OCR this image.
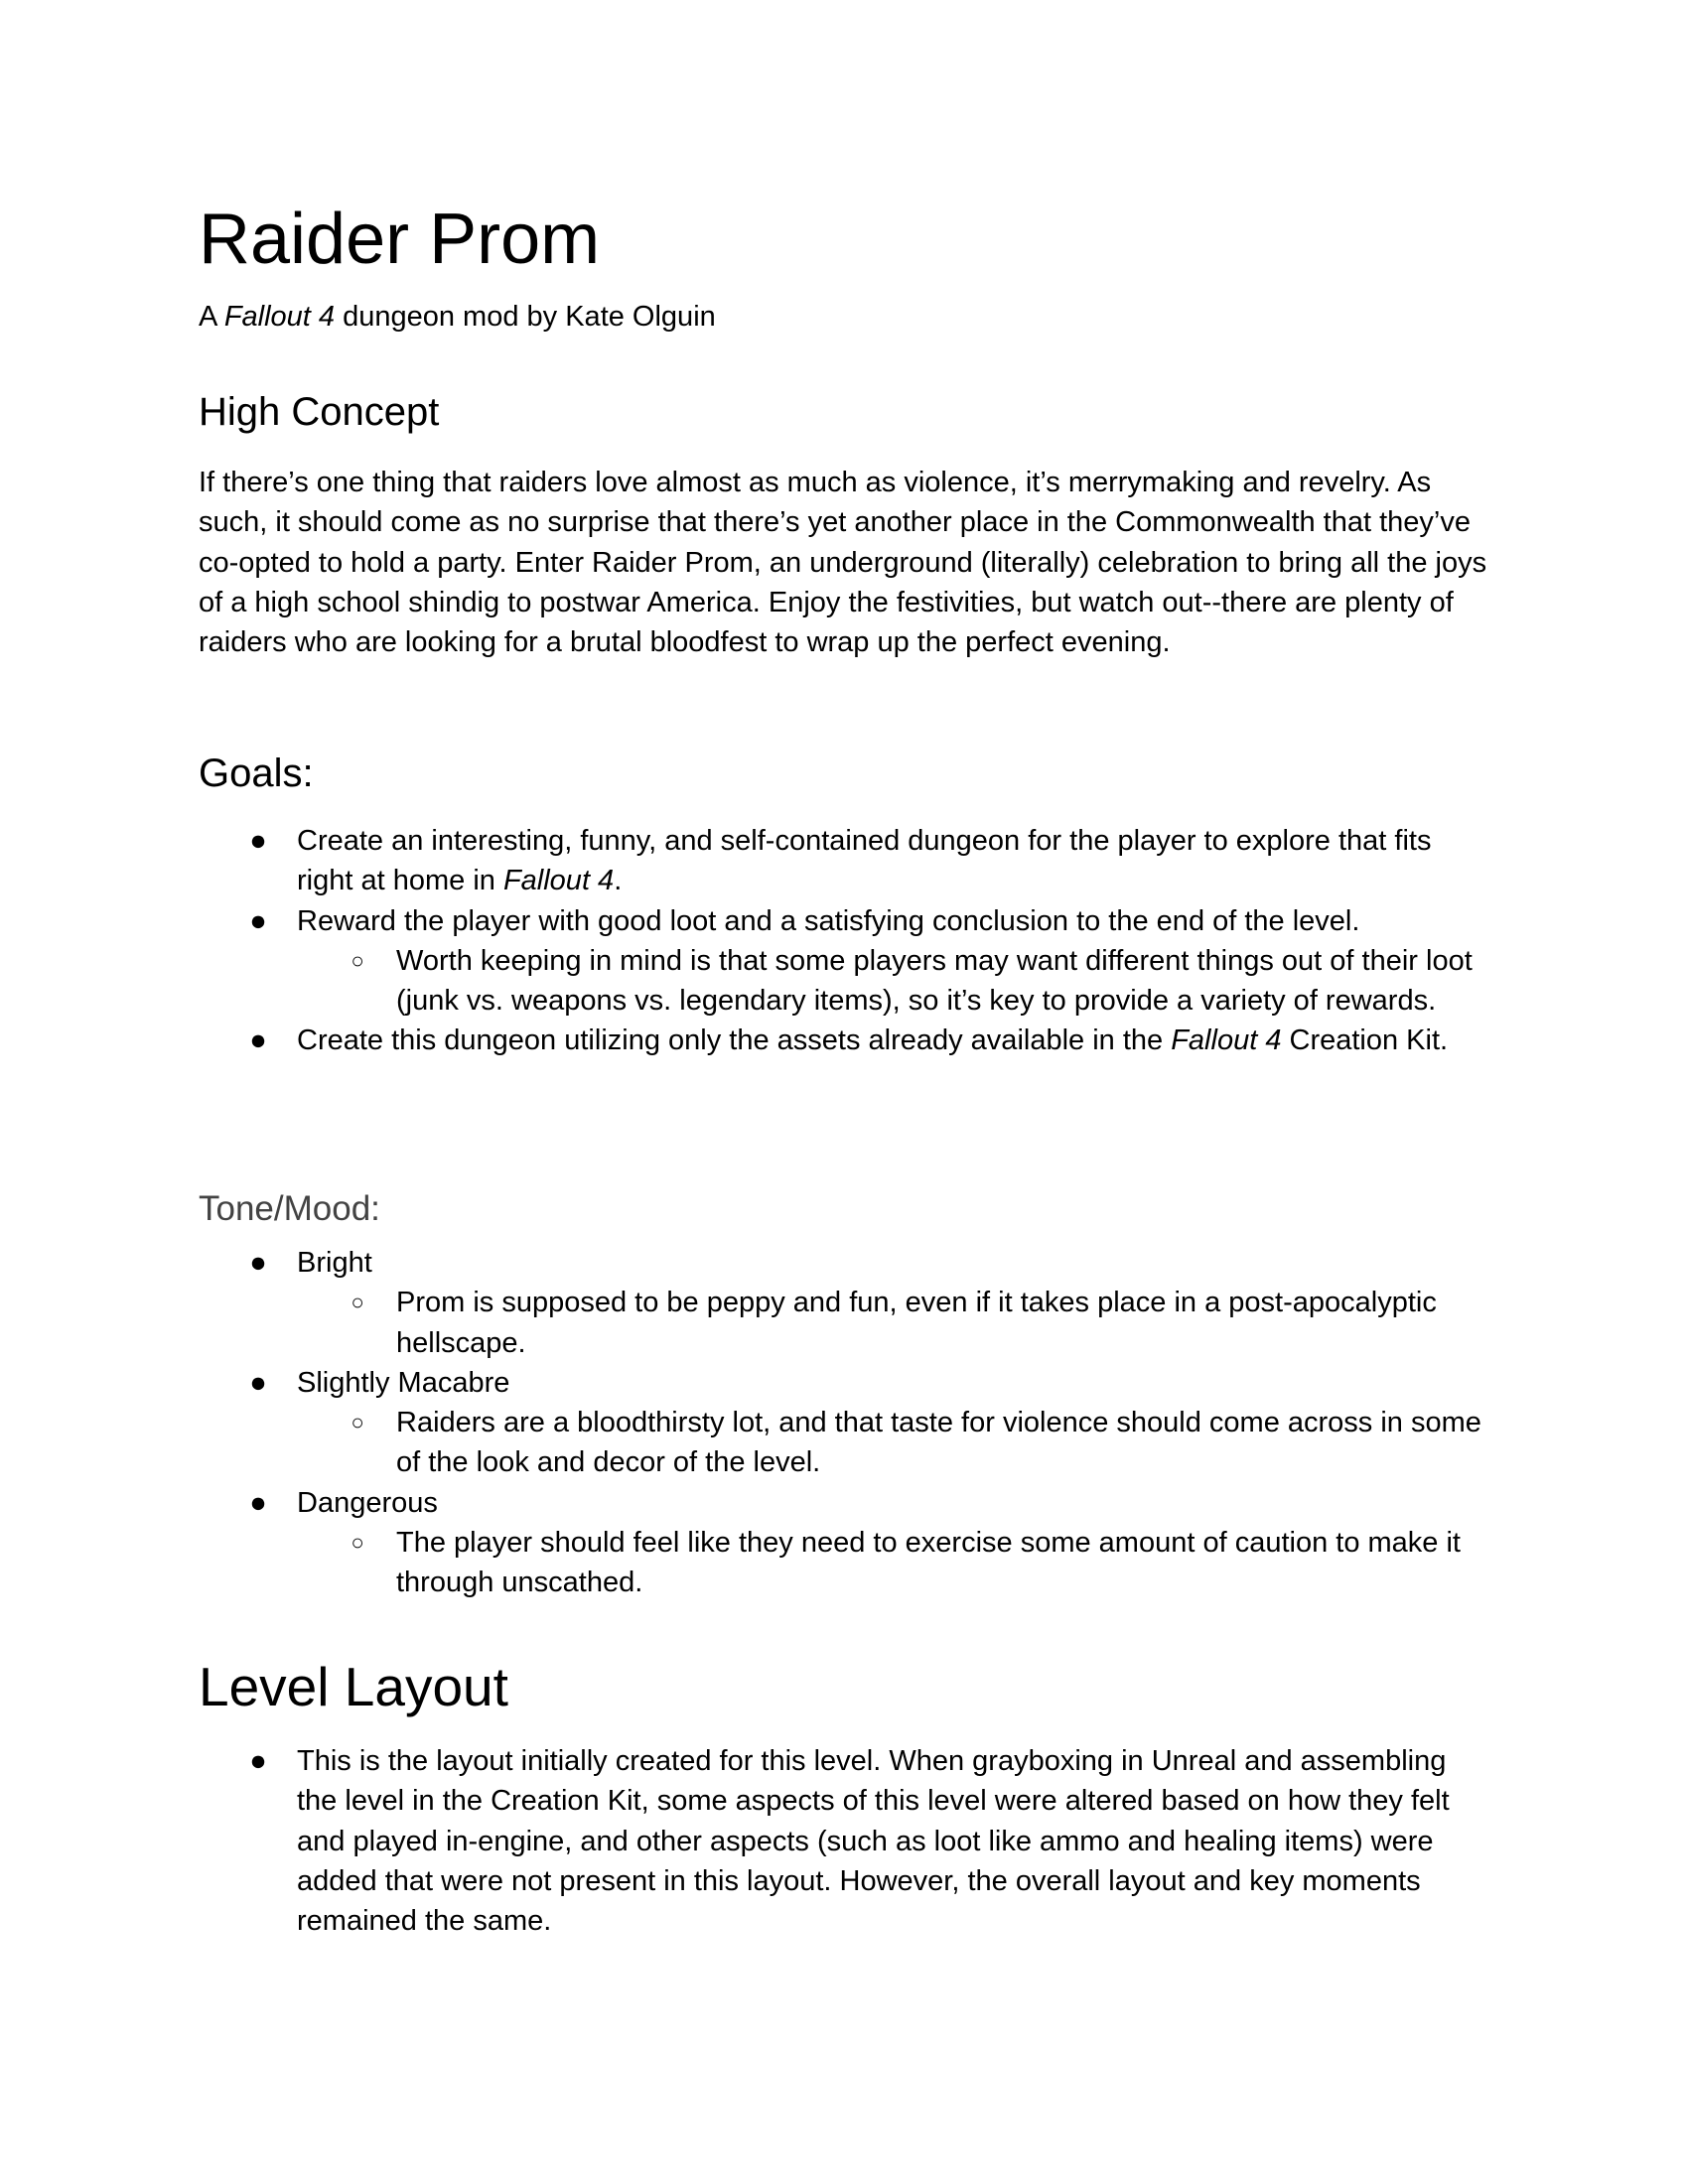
Raider Prom
A Fallout 4 dungeon mod by Kate Olguin
High Concept
If there’s one thing that raiders love almost as much as violence, it’s merrymaking and revelry. As such, it should come as no surprise that there’s yet another place in the Commonwealth that they’ve co-opted to hold a party. Enter Raider Prom, an underground (literally) celebration to bring all the joys of a high school shindig to postwar America. Enjoy the festivities, but watch out--there are plenty of raiders who are looking for a brutal bloodfest to wrap up the perfect evening.
Goals:
● Create an interesting, funny, and self-contained dungeon for the player to explore that fits right at home in Fallout 4.
● Reward the player with good loot and a satisfying conclusion to the end of the level.
○ Worth keeping in mind is that some players may want different things out of their loot (junk vs. weapons vs. legendary items), so it’s key to provide a variety of rewards.
● Create this dungeon utilizing only the assets already available in the Fallout 4 Creation Kit.
Tone/Mood:
● Bright
○ Prom is supposed to be peppy and fun, even if it takes place in a post-apocalyptic hellscape.
● Slightly Macabre
○ Raiders are a bloodthirsty lot, and that taste for violence should come across in some of the look and decor of the level.
● Dangerous
○ The player should feel like they need to exercise some amount of caution to make it through unscathed.
Level Layout
● This is the layout initially created for this level. When grayboxing in Unreal and assembling the level in the Creation Kit, some aspects of this level were altered based on how they felt and played in-engine, and other aspects (such as loot like ammo and healing items) were added that were not present in this layout. However, the overall layout and key moments remained the same.
